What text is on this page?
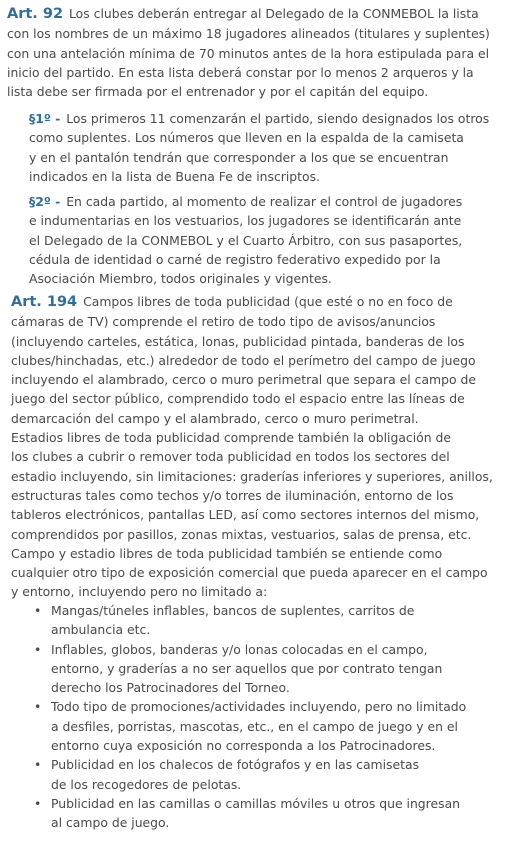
Art. 92 Los clubes deberán entregar al Delegado de la CONMEBOL la lista
con los nombres de un máximo 18 jugadores alineados (titulares y suplentes)
con una antelación mínima de 70 minutos antes de la hora estipulada para el
inicio del partido. En esta lista deberá constar por lo menos 2 arqueros y la
lista debe ser firmada por el entrenador y por el capitán del equipo.
§1º - Los primeros 11 comenzarán el partido, siendo designados los otros
como suplentes. Los números que lleven en la espalda de la camiseta
y en el pantalón tendrán que corresponder a los que se encuentran
indicados en la lista de Buena Fe de inscriptos.
§2º - En cada partido, al momento de realizar el control de jugadores
e indumentarias en los vestuarios, los jugadores se identificarán ante
el Delegado de la CONMEBOL y el Cuarto Árbitro, con sus pasaportes,
cédula de identidad o carné de registro federativo expedido por la
Asociación Miembro, todos originales y vigentes.
Art. 194 Campos libres de toda publicidad (que esté o no en foco de
cámaras de TV) comprende el retiro de todo tipo de avisos/anuncios
(incluyendo carteles, estática, lonas, publicidad pintada, banderas de los
clubes/hinchadas, etc.) alrededor de todo el perímetro del campo de juego
incluyendo el alambrado, cerco o muro perimetral que separa el campo de
juego del sector público, comprendido todo el espacio entre las líneas de
demarcación del campo y el alambrado, cerco o muro perimetral.
Estadios libres de toda publicidad comprende también la obligación de
los clubes a cubrir o remover toda publicidad en todos los sectores del
estadio incluyendo, sin limitaciones: graderías inferiores y superiores, anillos,
estructuras tales como techos y/o torres de iluminación, entorno de los
tableros electrónicos, pantallas LED, así como sectores internos del mismo,
comprendidos por pasillos, zonas mixtas, vestuarios, salas de prensa, etc.
Campo y estadio libres de toda publicidad también se entiende como
cualquier otro tipo de exposición comercial que pueda aparecer en el campo
y entorno, incluyendo pero no limitado a:
• Mangas/túneles inflables, bancos de suplentes, carritos de
ambulancia etc.
• Inflables, globos, banderas y/o lonas colocadas en el campo,
entorno, y graderías a no ser aquellos que por contrato tengan
derecho los Patrocinadores del Torneo.
• Todo tipo de promociones/actividades incluyendo, pero no limitado
a desfiles, porristas, mascotas, etc., en el campo de juego y en el
entorno cuya exposición no corresponda a los Patrocinadores.
• Publicidad en los chalecos de fotógrafos y en las camisetas
de los recogedores de pelotas.
• Publicidad en las camillas o camillas móviles u otros que ingresan
al campo de juego.
